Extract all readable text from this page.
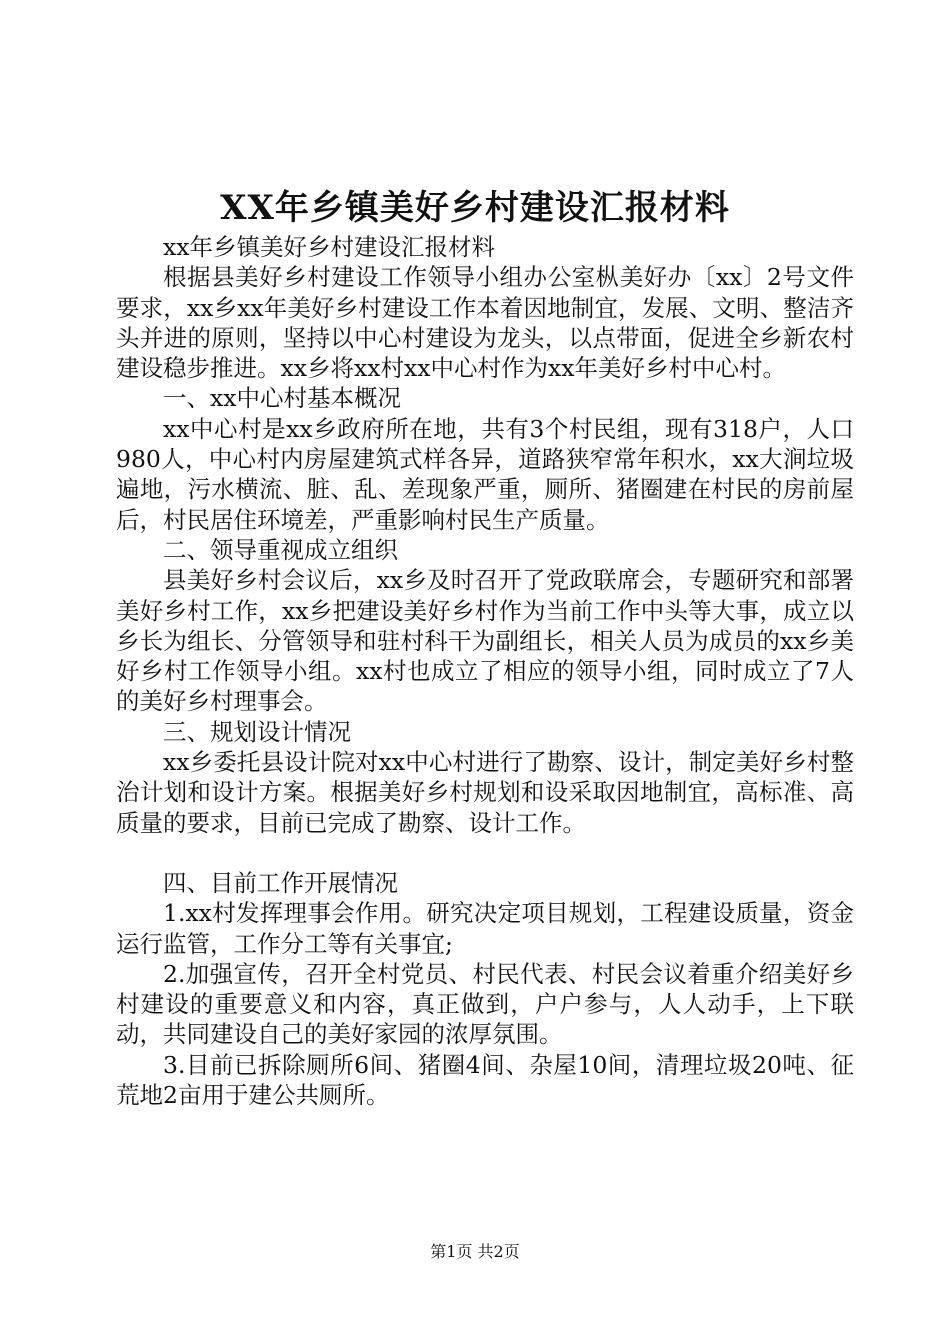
XX年乡镇美好乡村建设汇报材料

xx年乡镇美好乡村建设汇报材料

根据县美好乡村建设工作领导小组办公室枞美好办〔xx〕2号文件要求，xx乡xx年美好乡村建设工作本着因地制宜，发展、文明、整洁齐头并进的原则，坚持以中心村建设为龙头，以点带面，促进全乡新农村建设稳步推进。xx乡将xx村xx中心村作为xx年美好乡村中心村。

一、xx中心村基本概况

xx中心村是xx乡政府所在地，共有3个村民组，现有318户，人口980人，中心村内房屋建筑式样各异，道路狭窄常年积水，xx大涧垃圾遍地，污水横流、脏、乱、差现象严重，厕所、猪圈建在村民的房前屋后，村民居住环境差，严重影响村民生产质量。

二、领导重视成立组织

县美好乡村会议后，xx乡及时召开了党政联席会，专题研究和部署美好乡村工作，xx乡把建设美好乡村作为当前工作中头等大事，成立以乡长为组长、分管领导和驻村科干为副组长，相关人员为成员的xx乡美好乡村工作领导小组。xx村也成立了相应的领导小组，同时成立了7人的美好乡村理事会。

三、规划设计情况

xx乡委托县设计院对xx中心村进行了勘察、设计，制定美好乡村整治计划和设计方案。根据美好乡村规划和设采取因地制宜，高标准、高质量的要求，目前已完成了勘察、设计工作。

四、目前工作开展情况

1.xx村发挥理事会作用。研究决定项目规划，工程建设质量，资金运行监管，工作分工等有关事宜;

2.加强宣传，召开全村党员、村民代表、村民会议着重介绍美好乡村建设的重要意义和内容，真正做到，户户参与，人人动手，上下联动，共同建设自己的美好家园的浓厚氛围。

3.目前已拆除厕所6间、猪圈4间、杂屋10间，清理垃圾20吨、征荒地2亩用于建公共厕所。

第1页 共2页
